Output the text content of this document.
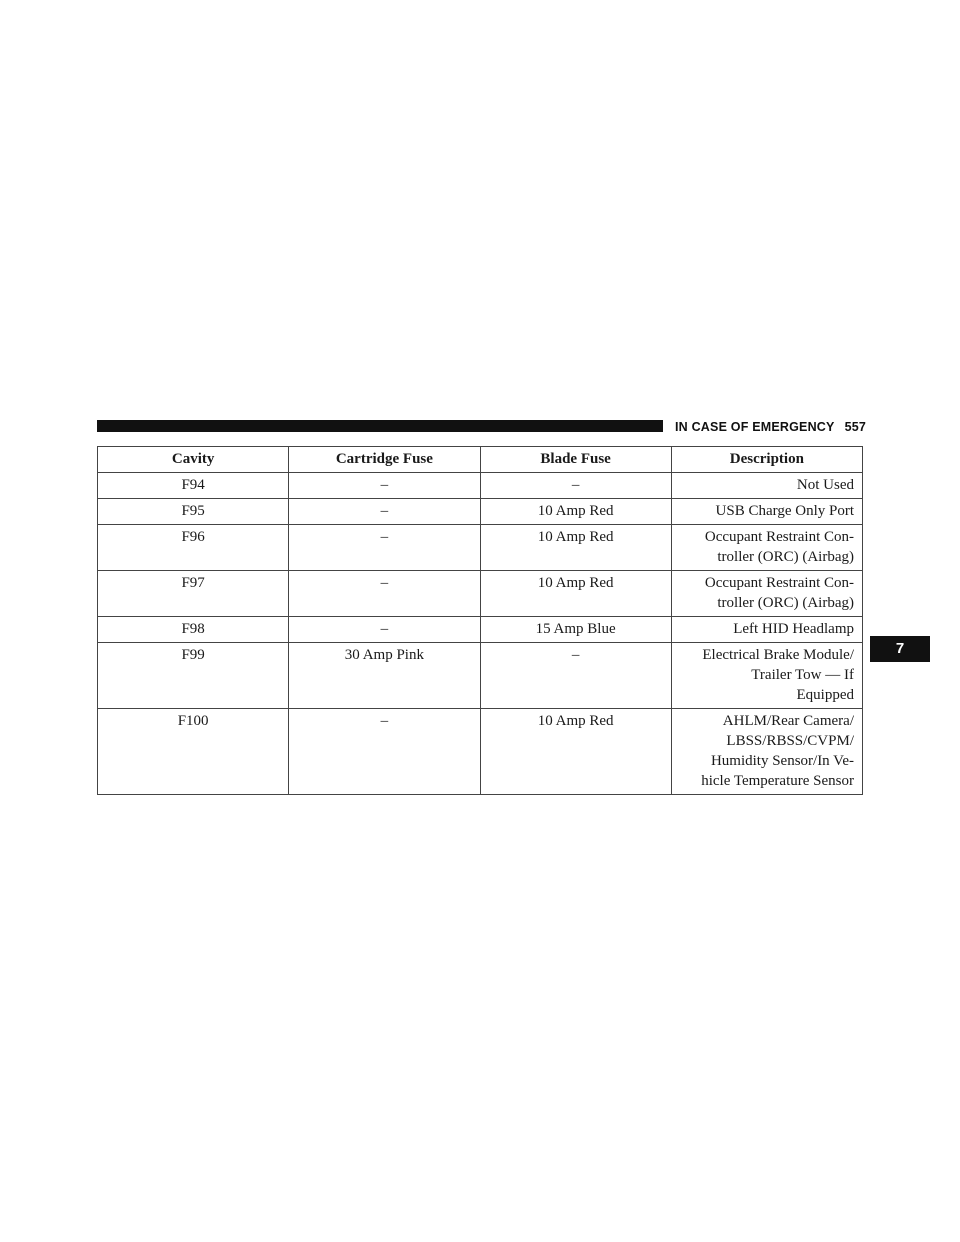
IN CASE OF EMERGENCY 557
7
Cavity	Cartridge Fuse	Blade Fuse	Description
F94	–	–	Not Used
F95	–	10 Amp Red	USB Charge Only Port
F96	–	10 Amp Red	Occupant Restraint Con-
troller (ORC) (Airbag)
F97	–	10 Amp Red	Occupant Restraint Con-
troller (ORC) (Airbag)
F98	–	15 Amp Blue	Left HID Headlamp
F99	30 Amp Pink	–	Electrical Brake Module/
Trailer Tow — If
Equipped
F100	–	10 Amp Red	AHLM/Rear Camera/
LBSS/RBSS/CVPM/
Humidity Sensor/In Ve-
hicle Temperature Sensor
